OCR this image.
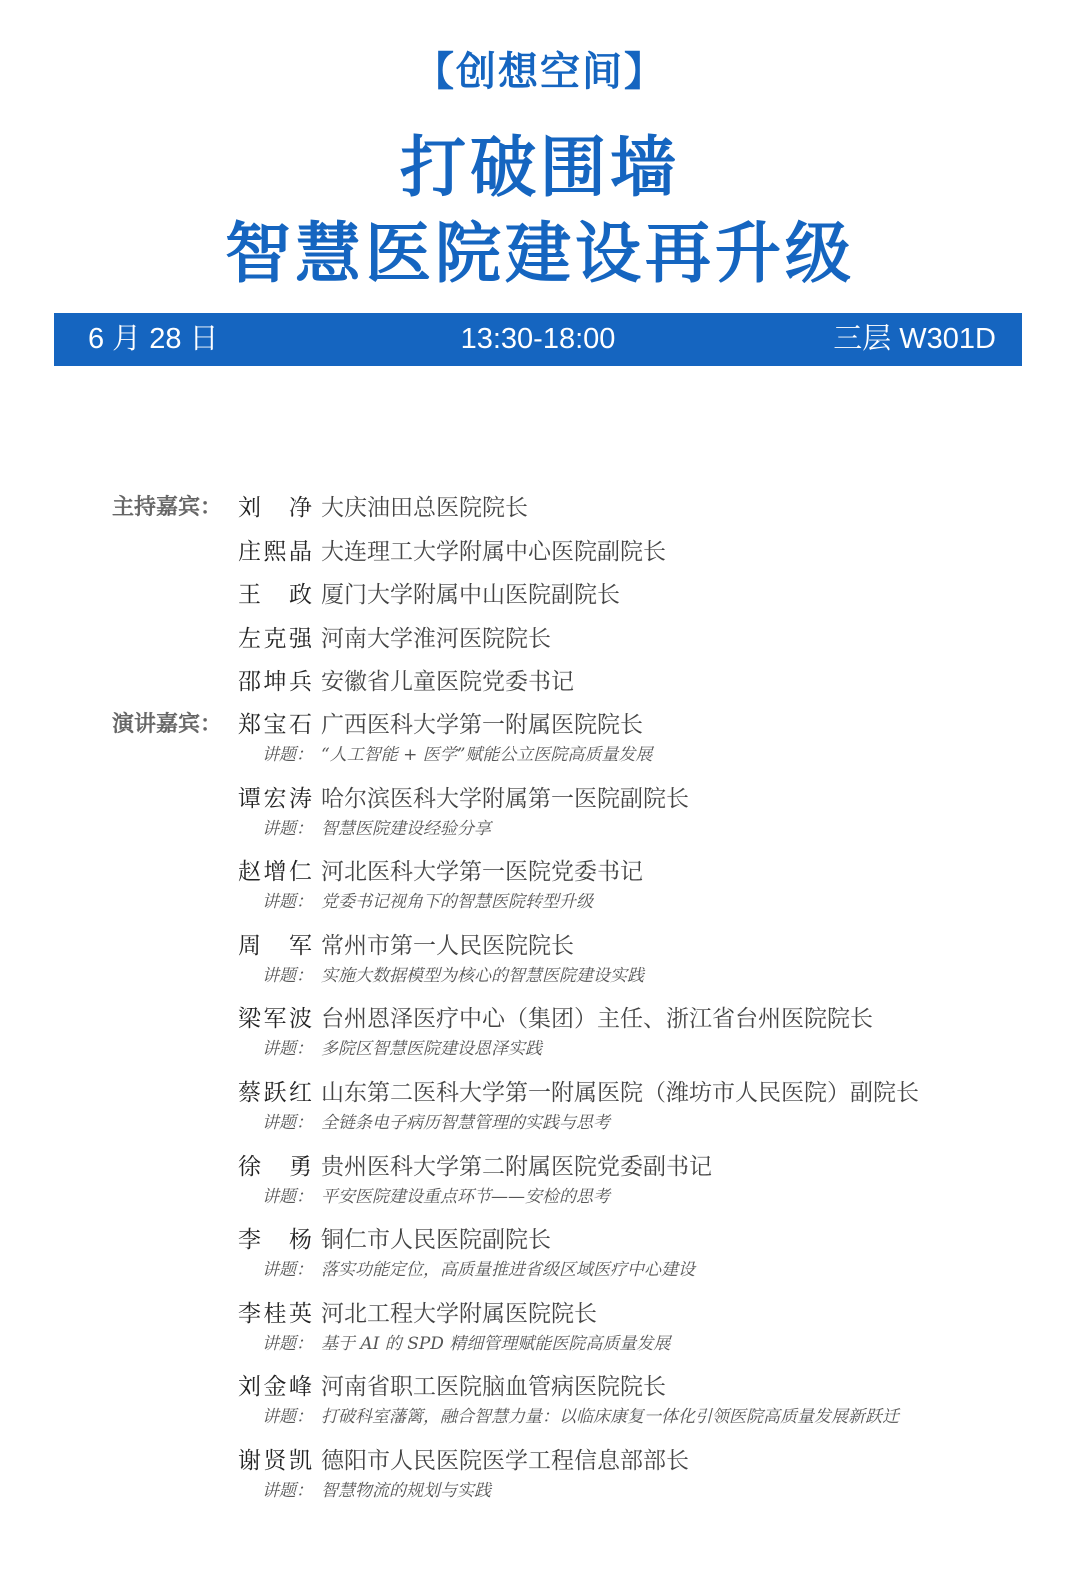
【创想空间】
打破围墙
智慧医院建设再升级
13:30-18:00
6 月 28 日	三层 W301D
主持嘉宾： 刘　净 大庆油田总医院院长
庄熙晶 大连理工大学附属中心医院副院长
王　政 厦门大学附属中山医院副院长
左克强 河南大学淮河医院院长
邵坤兵 安徽省儿童医院党委书记
演讲嘉宾： 郑宝石 广西医科大学第一附属医院院长
讲题： “人工智能 + 医学”赋能公立医院高质量发展
谭宏涛 哈尔滨医科大学附属第一医院副院长
讲题： 智慧医院建设经验分享
赵增仁 河北医科大学第一医院党委书记
讲题： 党委书记视角下的智慧医院转型升级
周　军 常州市第一人民医院院长
讲题： 实施大数据模型为核心的智慧医院建设实践
梁军波 台州恩泽医疗中心（集团）主任、浙江省台州医院院长
讲题： 多院区智慧医院建设恩泽实践
蔡跃红 山东第二医科大学第一附属医院（潍坊市人民医院）副院长
讲题： 全链条电子病历智慧管理的实践与思考
徐　勇 贵州医科大学第二附属医院党委副书记
讲题： 平安医院建设重点环节——安检的思考
李　杨 铜仁市人民医院副院长
讲题： 落实功能定位，高质量推进省级区域医疗中心建设
李桂英 河北工程大学附属医院院长
讲题： 基于 AI 的 SPD 精细管理赋能医院高质量发展
刘金峰 河南省职工医院脑血管病医院院长
讲题： 打破科室藩篱，融合智慧力量：以临床康复一体化引领医院高质量发展新跃迁
谢贤凯 德阳市人民医院医学工程信息部部长
讲题： 智慧物流的规划与实践
